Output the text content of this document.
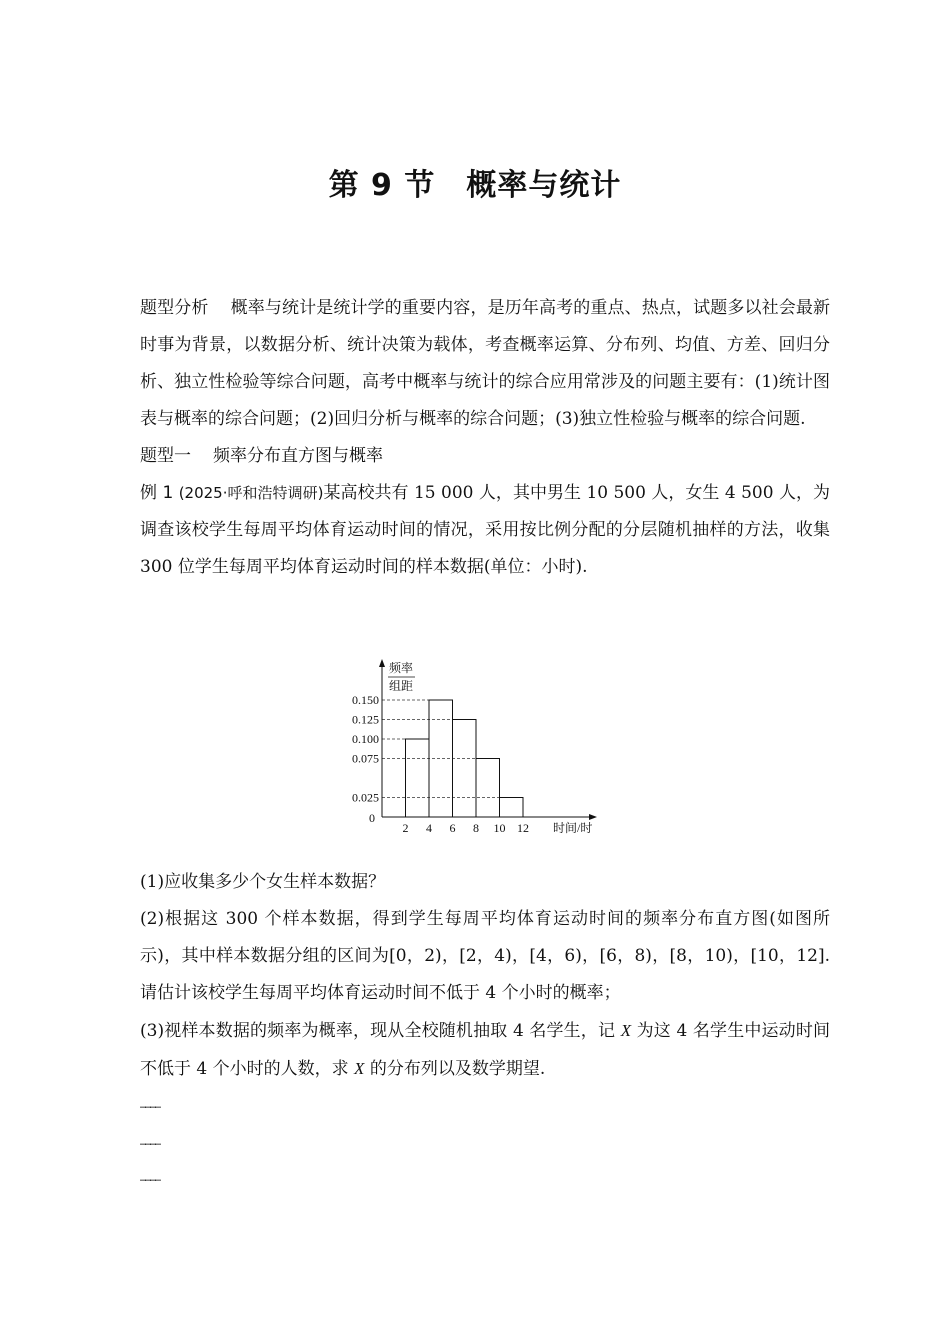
第 9 节　概率与统计

题型分析 概率与统计是统计学的重要内容，是历年高考的重点、热点，试题多以社会最新时事为背景，以数据分析、统计决策为载体，考查概率运算、分布列、均值、方差、回归分析、独立性检验等综合问题，高考中概率与统计的综合应用常涉及的问题主要有：(1)统计图表与概率的综合问题；(2)回归分析与概率的综合问题；(3)独立性检验与概率的综合问题.

题型一 频率分布直方图与概率

例 1 (2025·呼和浩特调研)某高校共有 15 000 人，其中男生 10 500 人，女生 4 500 人，为调查该校学生每周平均体育运动时间的情况，采用按比例分配的分层随机抽样的方法，收集 300 位学生每周平均体育运动时间的样本数据(单位：小时).

频率
组距
0
时间/时
2 4 6 8 10 12
0.025
0.075
0.100
0.125
0.150

(1)应收集多少个女生样本数据？

(2)根据这 300 个样本数据，得到学生每周平均体育运动时间的频率分布直方图(如图所示)，其中样本数据分组的区间为[0，2)，[2，4)，[4，6)，[6，8)，[8，10)，[10，12].请估计该校学生每周平均体育运动时间不低于 4 个小时的概率；

(3)视样本数据的频率为概率，现从全校随机抽取 4 名学生，记 X 为这 4 名学生中运动时间不低于 4 个小时的人数，求 X 的分布列以及数学期望.

…………
…………
…………
